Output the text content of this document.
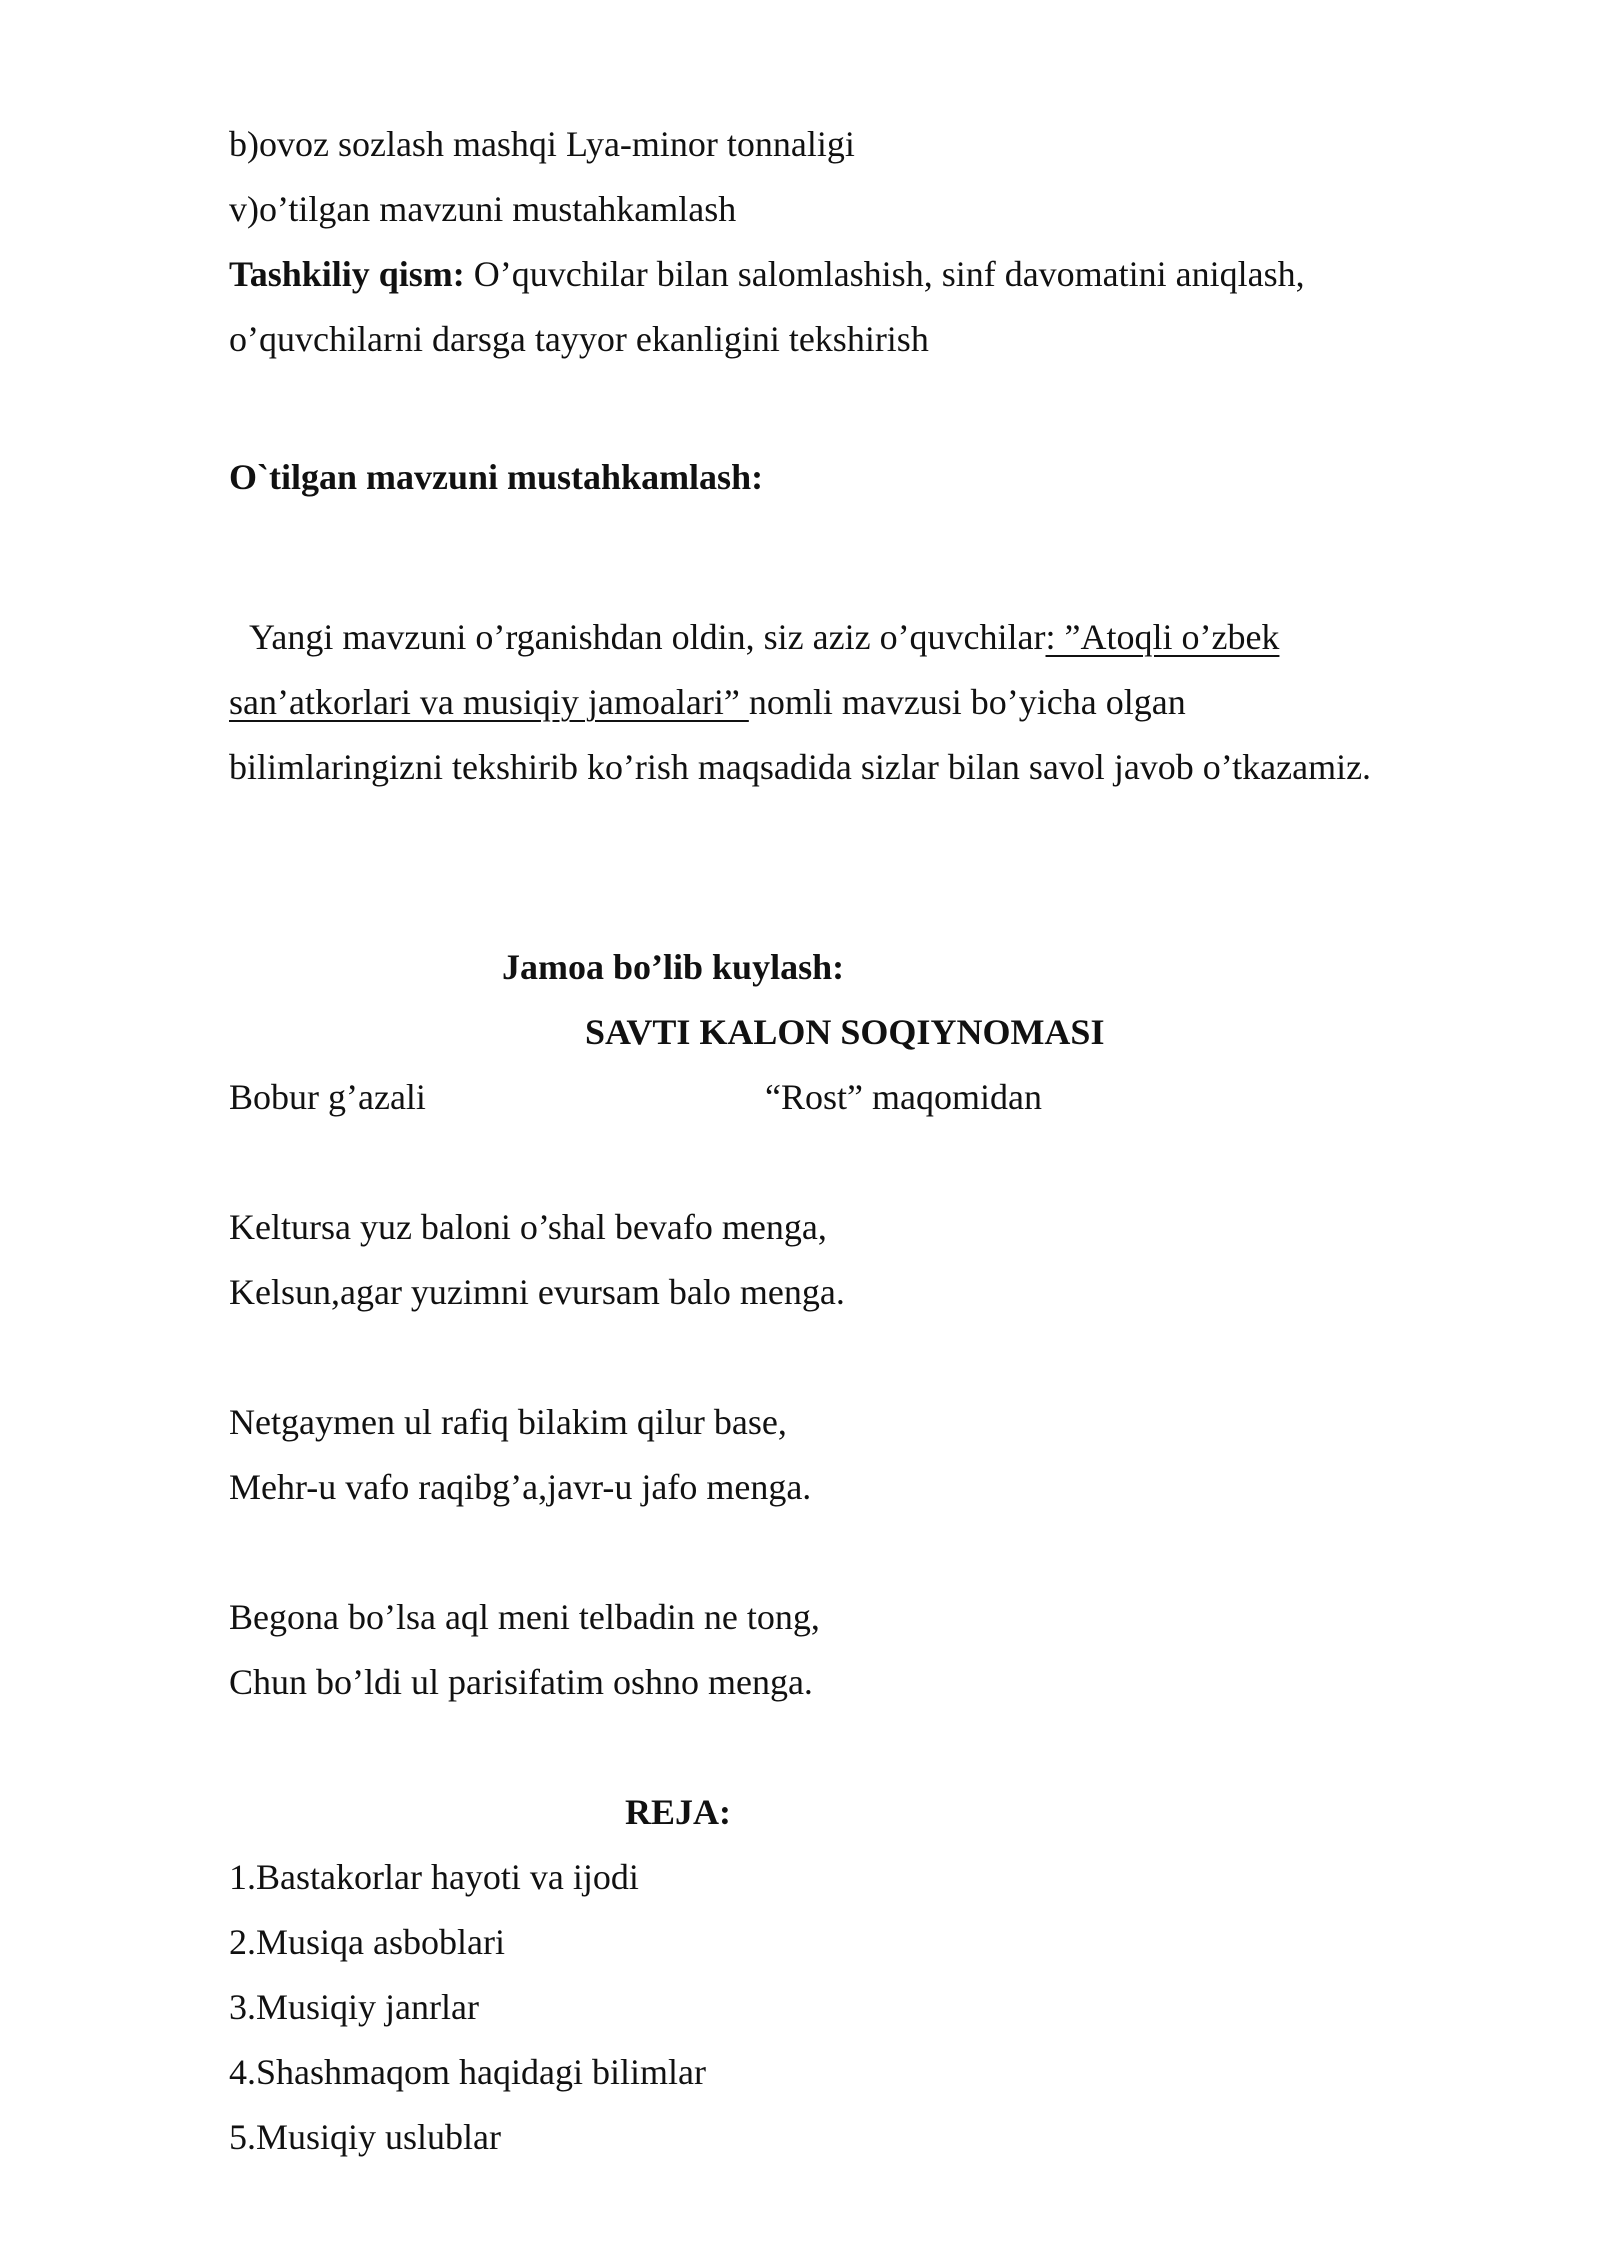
b)ovoz sozlash mashqi Lya-minor tonnaligi
v)o’tilgan mavzuni mustahkamlash
Tashkiliy qism: O’quvchilar bilan salomlashish, sinf davomatini aniqlash,
o’quvchilarni darsga tayyor ekanligini tekshirish
O`tilgan mavzuni mustahkamlash:
Yangi mavzuni o’rganishdan oldin, siz aziz o’quvchilar: ”Atoqli o’zbek
san’atkorlari va musiqiy jamoalari” nomli mavzusi bo’yicha olgan
bilimlaringizni tekshirib ko’rish maqsadida sizlar bilan savol javob o’tkazamiz.
Jamoa bo’lib kuylash:
SAVTI KALON SOQIYNOMASI
Bobur g’azali	“Rost” maqomidan
Keltursa yuz baloni o’shal bevafo menga,
Kelsun,agar yuzimni evursam balo menga.
Netgaymen ul rafiq bilakim qilur base,
Mehr-u vafo raqibg’a,javr-u jafo menga.
Begona bo’lsa aql meni telbadin ne tong,
Chun bo’ldi ul parisifatim oshno menga.
REJA:
1.Bastakorlar hayoti va ijodi
2.Musiqa asboblari
3.Musiqiy janrlar
4.Shashmaqom haqidagi bilimlar
5.Musiqiy uslublar
